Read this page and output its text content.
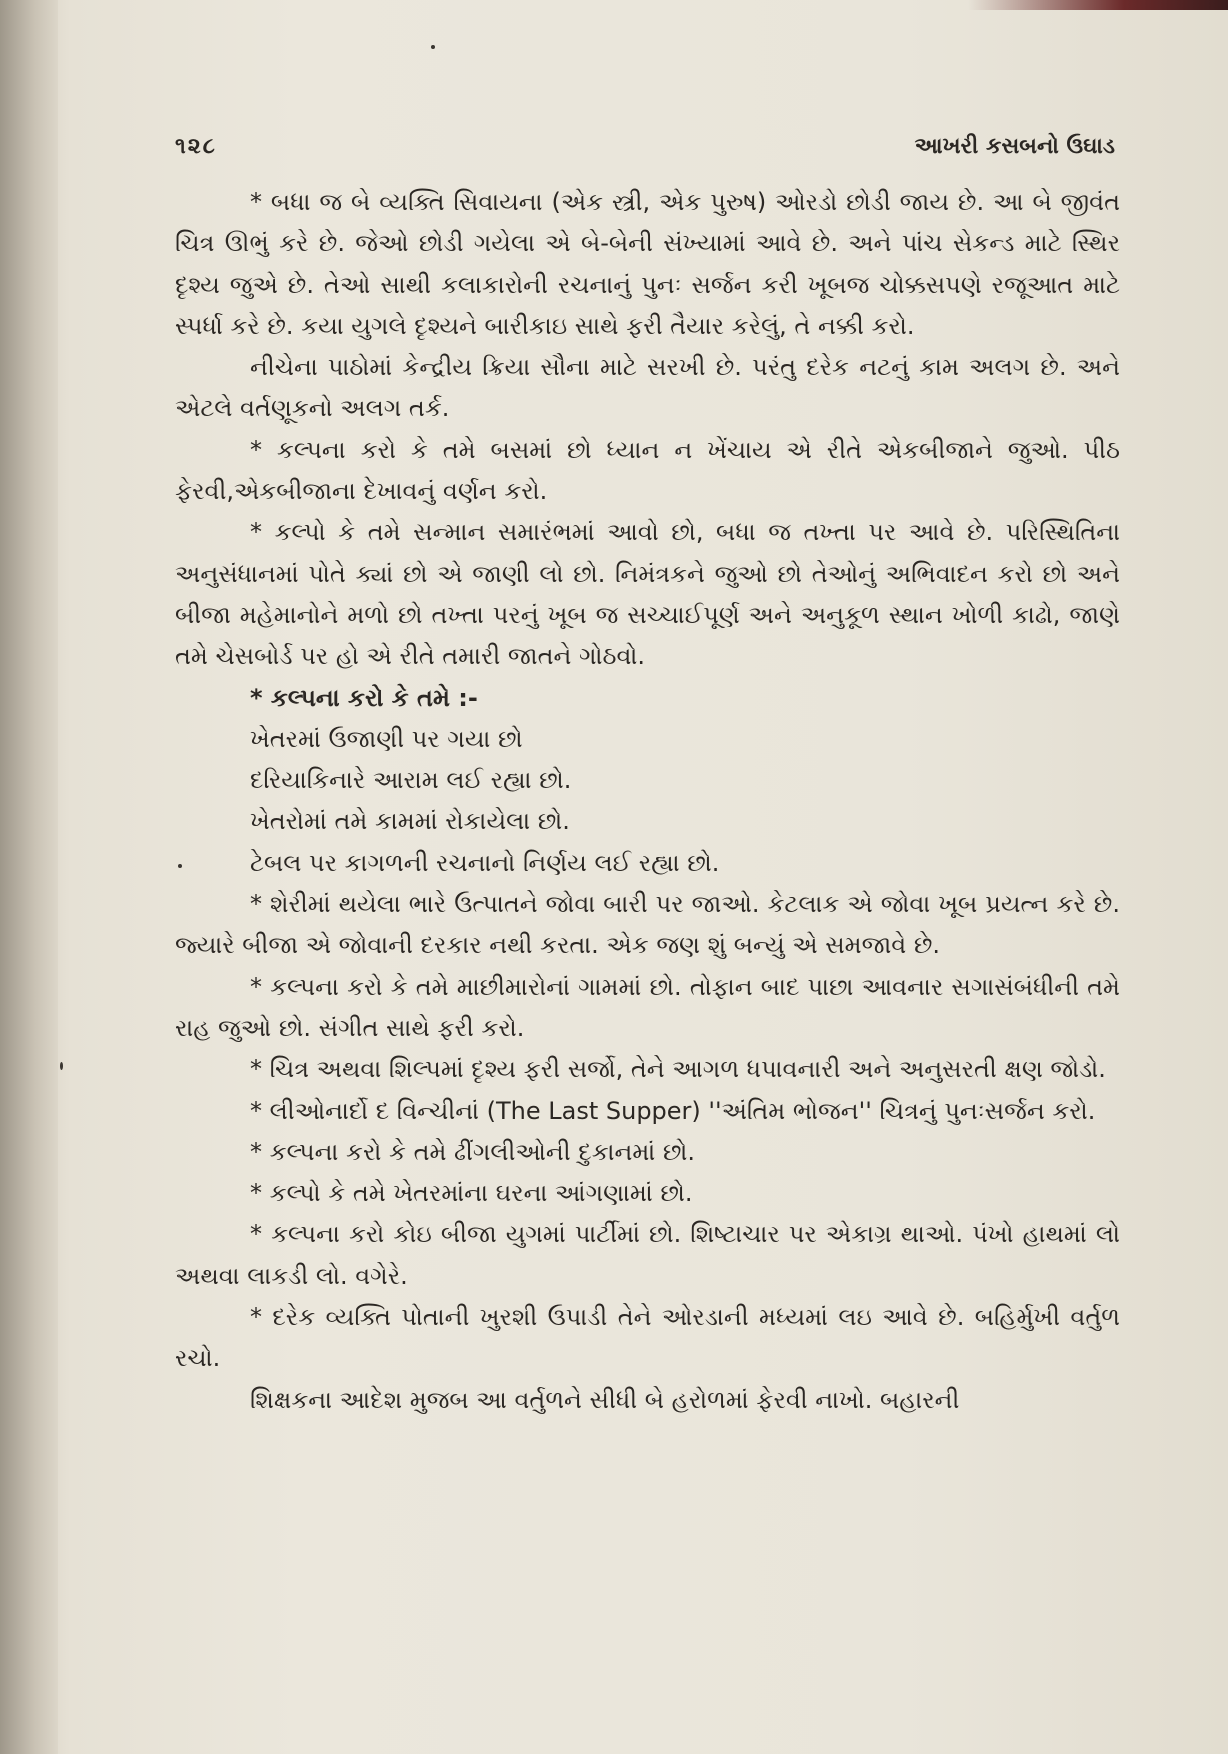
૧૨૮	આખરી કસબનો ઉઘાડ

* બધા જ બે વ્યક્તિ સિવાયના (એક સ્ત્રી, એક પુરુષ) ઓરડો છોડી જાય છે. આ બે જીવંત ચિત્ર ઊભું કરે છે. જેઓ છોડી ગયેલા એ બે-બેની સંખ્યામાં આવે છે. અને પાંચ સેકન્ડ માટે સ્થિર દૃશ્ય જુએ છે. તેઓ સાથી કલાકારોની રચનાનું પુનઃ સર્જન કરી ખૂબજ ચોક્કસપણે રજૂઆત માટે સ્પર્ધા કરે છે. કયા યુગલે દૃશ્યને બારીકાઇ સાથે ફરી તૈયાર કરેલું, તે નક્કી કરો.

નીચેના પાઠોમાં કેન્દ્રીય ક્રિયા સૌના માટે સરખી છે. પરંતુ દરેક નટનું કામ અલગ છે. અને એટલે વર્તણૂકનો અલગ તર્ક.

* કલ્પના કરો કે તમે બસમાં છો ધ્યાન ન ખેંચાય એ રીતે એકબીજાને જુઓ. પીઠ ફેરવી,એકબીજાના દેખાવનું વર્ણન કરો.

* કલ્પો કે તમે સન્માન સમારંભમાં આવો છો, બધા જ તખ્તા પર આવે છે. પરિસ્થિતિના અનુસંધાનમાં પોતે ક્યાં છો એ જાણી લો છો. નિમંત્રકને જુઓ છો તેઓનું અભિવાદન કરો છો અને બીજા મહેમાનોને મળો છો તખ્તા પરનું ખૂબ જ સચ્ચાઈપૂર્ણ અને અનુકૂળ સ્થાન ખોળી કાઢો, જાણે તમે ચેસબોર્ડ પર હો એ રીતે તમારી જાતને ગોઠવો.

* કલ્પના કરો કે તમે :-

ખેતરમાં ઉજાણી પર ગયા છો

દરિયાકિનારે આરામ લઈ રહ્યા છો.

ખેતરોમાં તમે કામમાં રોકાયેલા છો.

ટેબલ પર કાગળની રચનાનો નિર્ણય લઈ રહ્યા છો.

* શેરીમાં થયેલા ભારે ઉત્પાતને જોવા બારી પર જાઓ. કેટલાક એ જોવા ખૂબ પ્રયત્ન કરે છે. જ્યારે બીજા એ જોવાની દરકાર નથી કરતા. એક જણ શું બન્યું એ સમજાવે છે.

* કલ્પના કરો કે તમે માછીમારોનાં ગામમાં છો. તોફાન બાદ પાછા આવનાર સગાસંબંધીની તમે રાહ જુઓ છો. સંગીત સાથે ફરી કરો.

* ચિત્ર અથવા શિલ્પમાં દૃશ્ય ફરી સર્જો, તેને આગળ ધપાવનારી અને અનુસરતી ક્ષણ જોડો.

* લીઓનાર્દો દ વિન્ચીનાં (The Last Supper) ''અંતિમ ભોજન'' ચિત્રનું પુનઃસર્જન કરો.

* કલ્પના કરો કે તમે ઢીંગલીઓની દુકાનમાં છો.

* કલ્પો કે તમે ખેતરમાંના ઘરના આંગણામાં છો.

* કલ્પના કરો કોઇ બીજા યુગમાં પાર્ટીમાં છો. શિષ્ટાચાર પર એકાગ્ર થાઓ. પંખો હાથમાં લો અથવા લાકડી લો. વગેરે.

* દરેક વ્યક્તિ પોતાની ખુરશી ઉપાડી તેને ઓરડાની મધ્યમાં લઇ આવે છે. બહિર્મુખી વર્તુળ રચો.

શિક્ષકના આદેશ મુજબ આ વર્તુળને સીધી બે હરોળમાં ફેરવી નાખો. બહારની
